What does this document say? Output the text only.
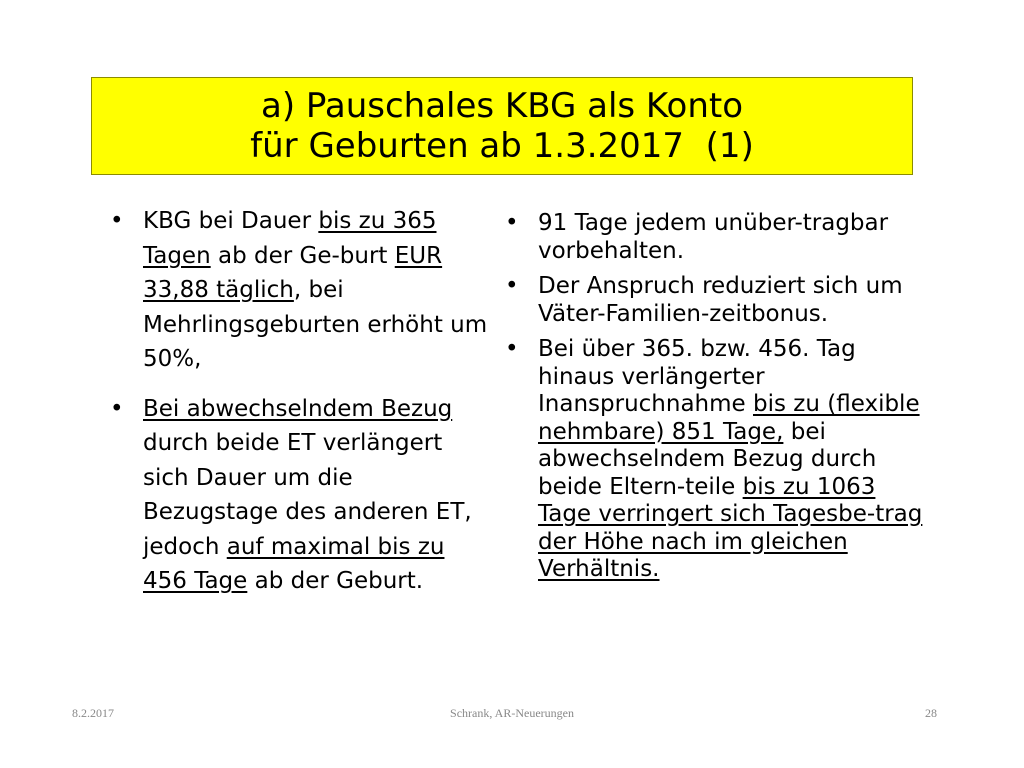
a) Pauschales KBG als Konto
für Geburten ab 1.3.2017  (1)
• KBG bei Dauer bis zu 365 Tagen ab der Ge-burt EUR 33,88 täglich, bei Mehrlingsgeburten erhöht um 50%,
• Bei abwechselndem Bezug durch beide ET verlängert sich Dauer um die Bezugstage des anderen ET, jedoch auf maximal bis zu 456 Tage ab der Geburt.
• 91 Tage jedem unüber-tragbar vorbehalten.
• Der Anspruch reduziert sich um Väter-Familien-zeitbonus.
• Bei über 365. bzw. 456. Tag hinaus verlängerter Inanspruchnahme bis zu (flexible nehmbare) 851 Tage, bei abwechselndem Bezug durch beide Eltern-teile bis zu 1063 Tage verringert sich Tagesbe-trag der Höhe nach im gleichen Verhältnis.
8.2.2017	Schrank, AR-Neuerungen	28
